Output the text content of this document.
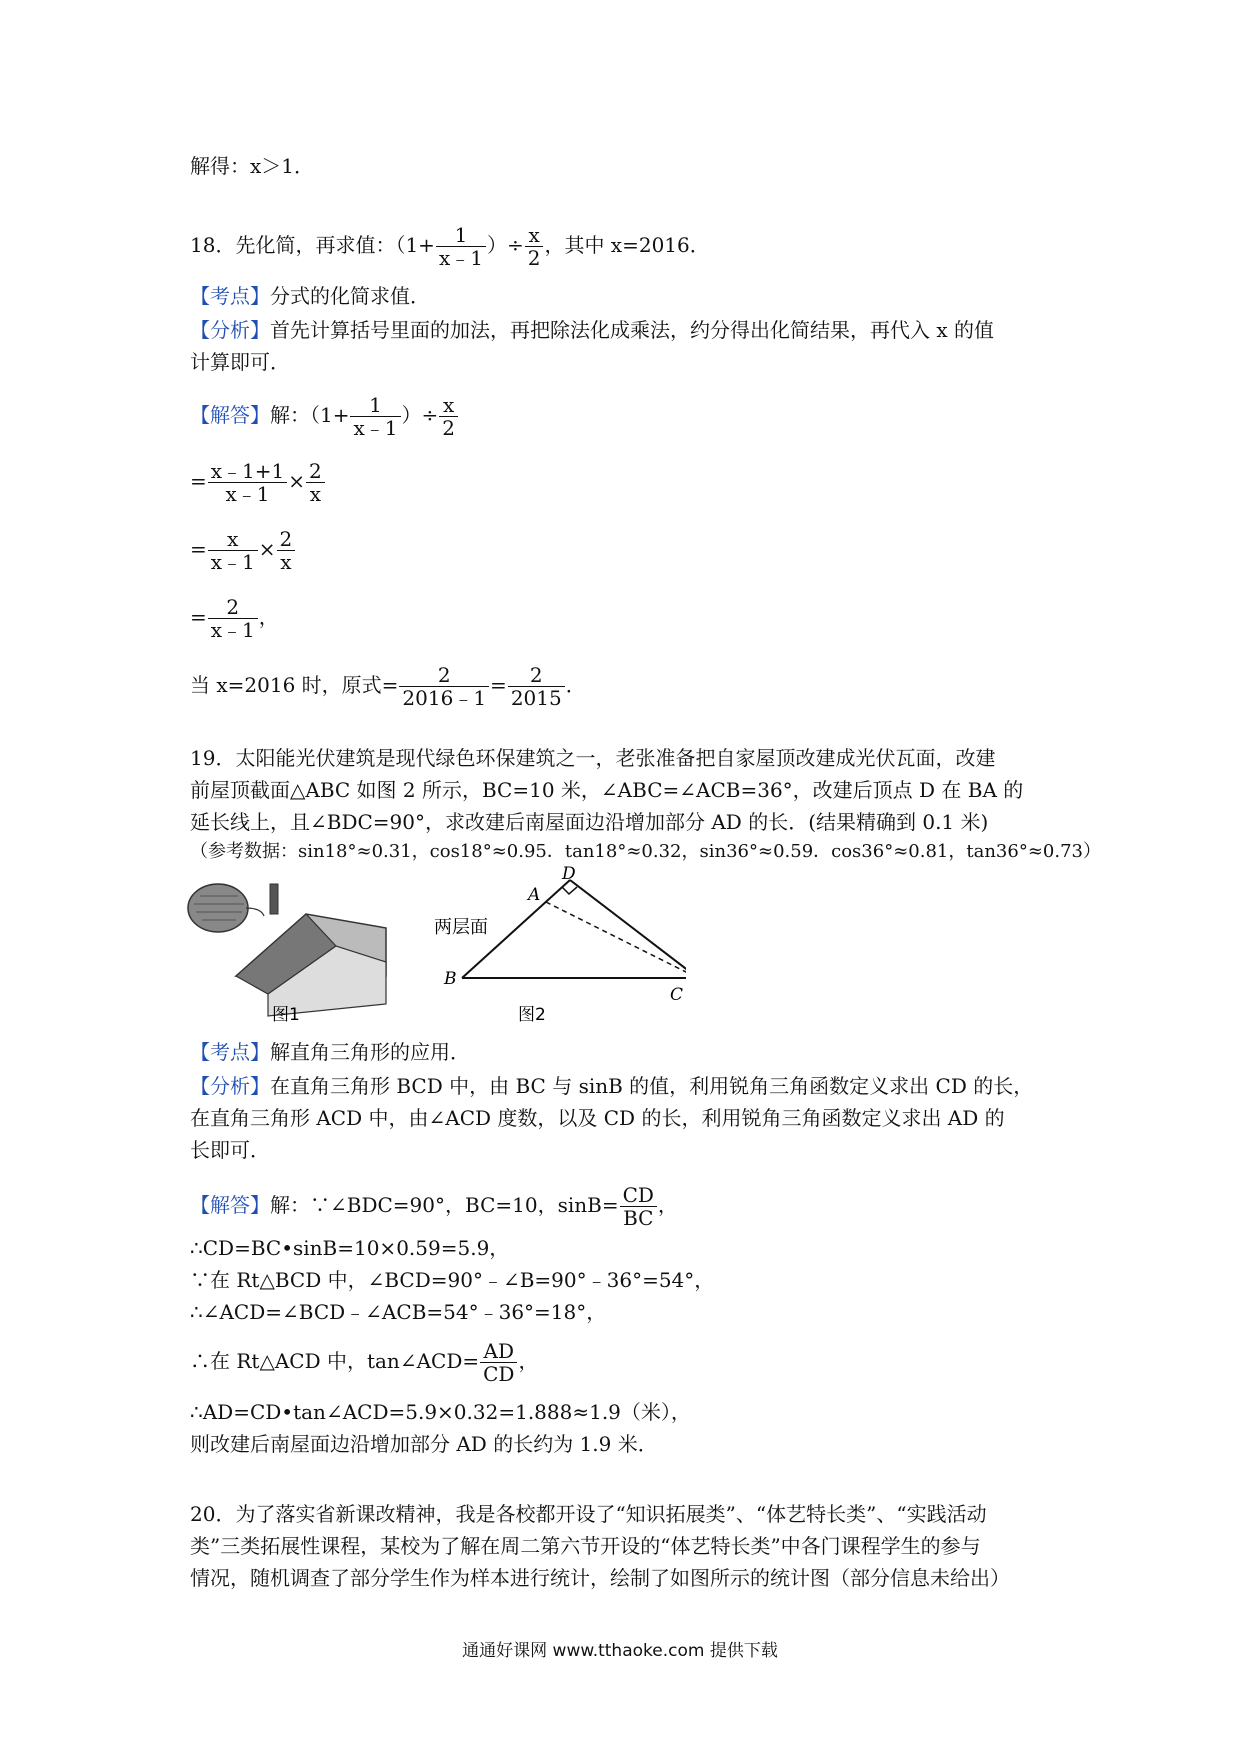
解得：x＞1．
18．先化简，再求值：（$1+ \frac{1}{x﹣1}$ ）÷ $\frac{x}{2}$ ，其中 x=2016．
【考点】分式的化简求值．
【分析】首先计算括号里面的加法，再把除法化成乘法，约分得出化简结果，再代入 x 的值
计算即可．
【解答】解：（$1+ \frac{1}{x﹣1}$ ）÷ $\frac{x}{2}$
= $\frac{x﹣1+1}{x﹣1} \times \frac{2}{x}$
= $\frac{x}{x﹣1} \times \frac{2}{x}$
= $\frac{2}{x﹣1}$ ，
当 x=2016 时，原式= $\frac{2}{2016﹣1} = \frac{2}{2015}$ ．
19．太阳能光伏建筑是现代绿色环保建筑之一，老张准备把自家屋顶改建成光伏瓦面，改建
前屋顶截面△ABC 如图 2 所示，BC=10 米，∠ABC=∠ACB=36°，改建后顶点 D 在 BA 的
延长线上，且∠BDC=90°，求改建后南屋面边沿增加部分 AD 的长．(结果精确到 0.1 米)
（参考数据：sin18°≈0.31，cos18°≈0.95．tan18°≈0.32，sin36°≈0.59．cos36°≈0.81，tan36°≈0.73）
图1
两层面
A
D
B
C
图2
【考点】解直角三角形的应用．
【分析】在直角三角形 BCD 中，由 BC 与 sinB 的值，利用锐角三角函数定义求出 CD 的长，
在直角三角形 ACD 中，由∠ACD 度数，以及 CD 的长，利用锐角三角函数定义求出 AD 的
长即可．
【解答】解：∵∠BDC=90°，BC=10，$\sin B= \frac{CD}{BC}$ ，
∴CD=BC•sinB=10×0.59=5.9，
∵在 Rt△BCD 中，∠BCD=90°﹣∠B=90°﹣36°=54°，
∴∠ACD=∠BCD﹣∠ACB=54°﹣36°=18°，
∴在 Rt△ACD 中，tan∠ACD= $\frac{AD}{CD}$ ，
∴AD=CD•tan∠ACD=5.9×0.32=1.888≈1.9（米），
则改建后南屋面边沿增加部分 AD 的长约为 1.9 米．
20．为了落实省新课改精神，我是各校都开设了“知识拓展类”、“体艺特长类”、“实践活动
类”三类拓展性课程，某校为了解在周二第六节开设的“体艺特长类”中各门课程学生的参与
情况，随机调查了部分学生作为样本进行统计，绘制了如图所示的统计图（部分信息未给出）
通通好课网 www.tthaoke.com 提供下载
